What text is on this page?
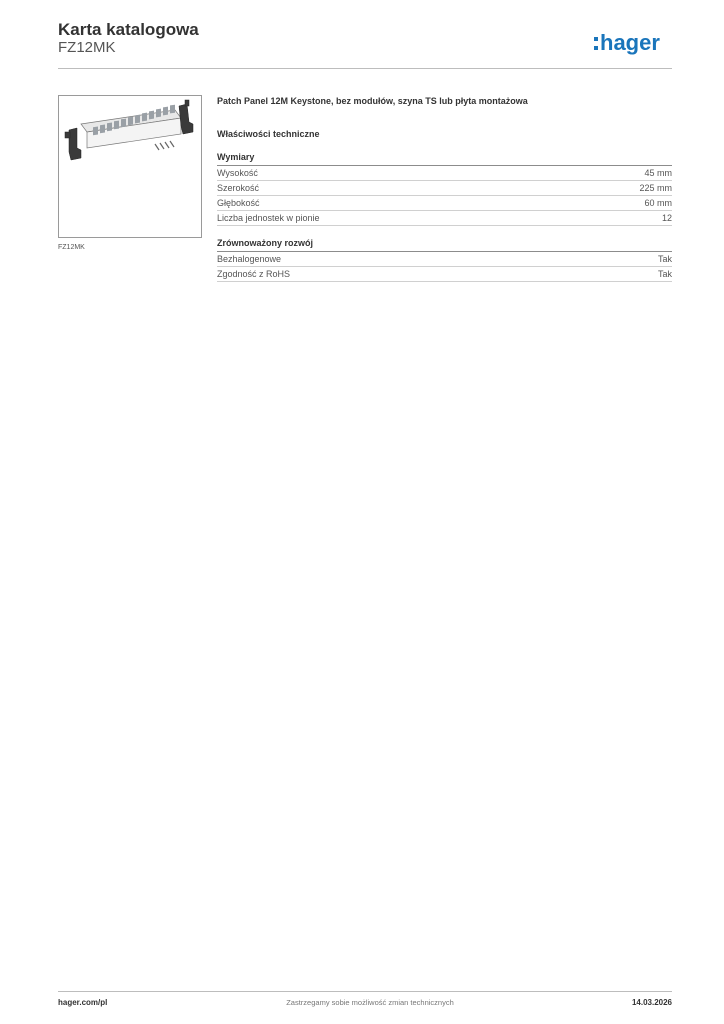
Karta katalogowa
FZ12MK	hager
FZ12MK
Patch Panel 12M Keystone, bez modułów, szyna TS lub płyta montażowa
Właściwości techniczne
Wymiary
Wysokość	45 mm
Szerokość	225 mm
Głębokość	60 mm
Liczba jednostek w pionie	12
Zrównoważony rozwój
Bezhalogenowe	Tak
Zgodność z RoHS	Tak
hager.com/pl	Zastrzegamy sobie możliwość zmian technicznych	14.03.2026
